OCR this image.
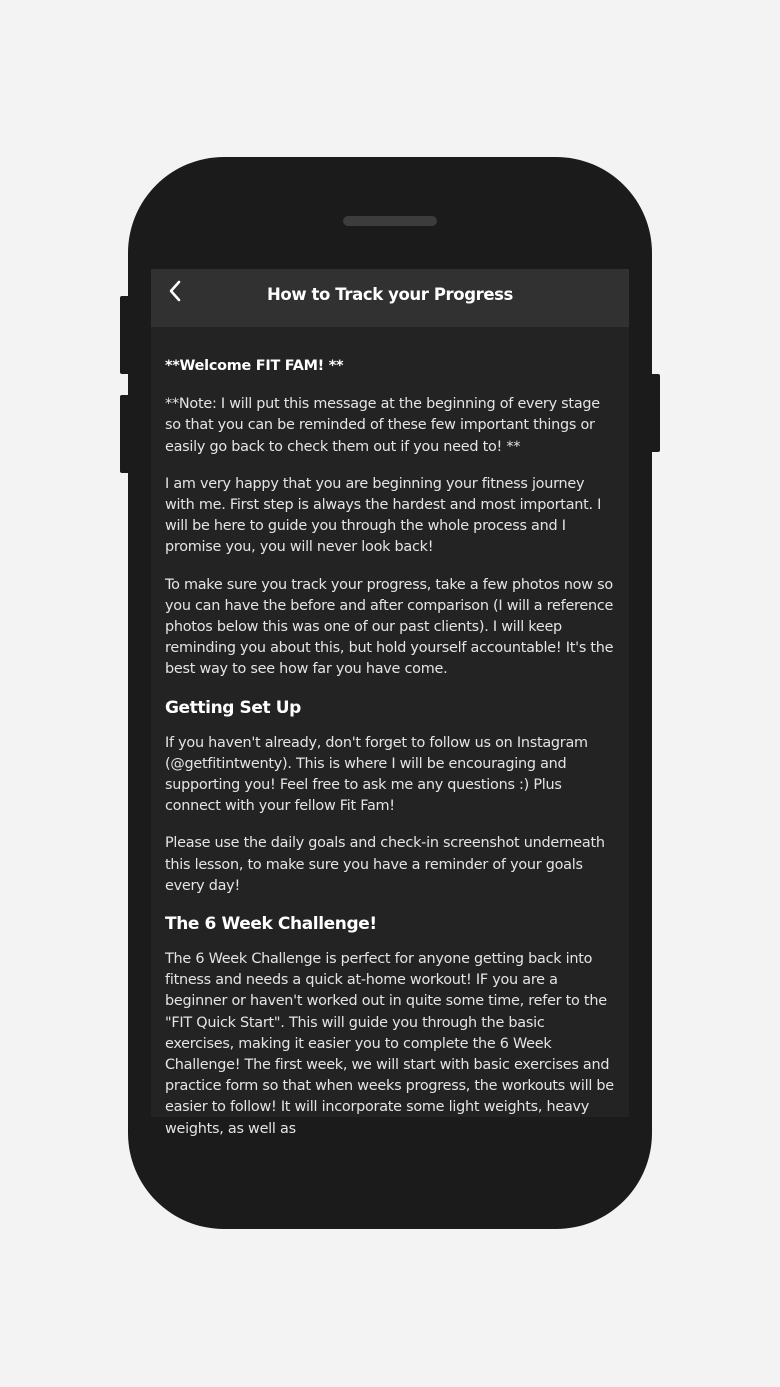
How to Track your Progress

**Welcome FIT FAM! **

**Note: I will put this message at the beginning of every stage so that you can be reminded of these few important things or easily go back to check them out if you need to! **

I am very happy that you are beginning your fitness journey with me. First step is always the hardest and most important. I will be here to guide you through the whole process and I promise you, you will never look back!

To make sure you track your progress, take a few photos now so you can have the before and after comparison (I will a reference photos below this was one of our past clients). I will keep reminding you about this, but hold yourself accountable! It's the best way to see how far you have come.

Getting Set Up

If you haven't already, don't forget to follow us on Instagram (@getfitintwenty). This is where I will be encouraging and supporting you! Feel free to ask me any questions :) Plus connect with your fellow Fit Fam!

Please use the daily goals and check-in screenshot underneath this lesson, to make sure you have a reminder of your goals every day!

The 6 Week Challenge!

The 6 Week Challenge is perfect for anyone getting back into fitness and needs a quick at-home workout! IF you are a beginner or haven't worked out in quite some time, refer to the "FIT Quick Start". This will guide you through the basic exercises, making it easier you to complete the 6 Week Challenge! The first week, we will start with basic exercises and practice form so that when weeks progress, the workouts will be easier to follow! It will incorporate some light weights, heavy weights, as well as
